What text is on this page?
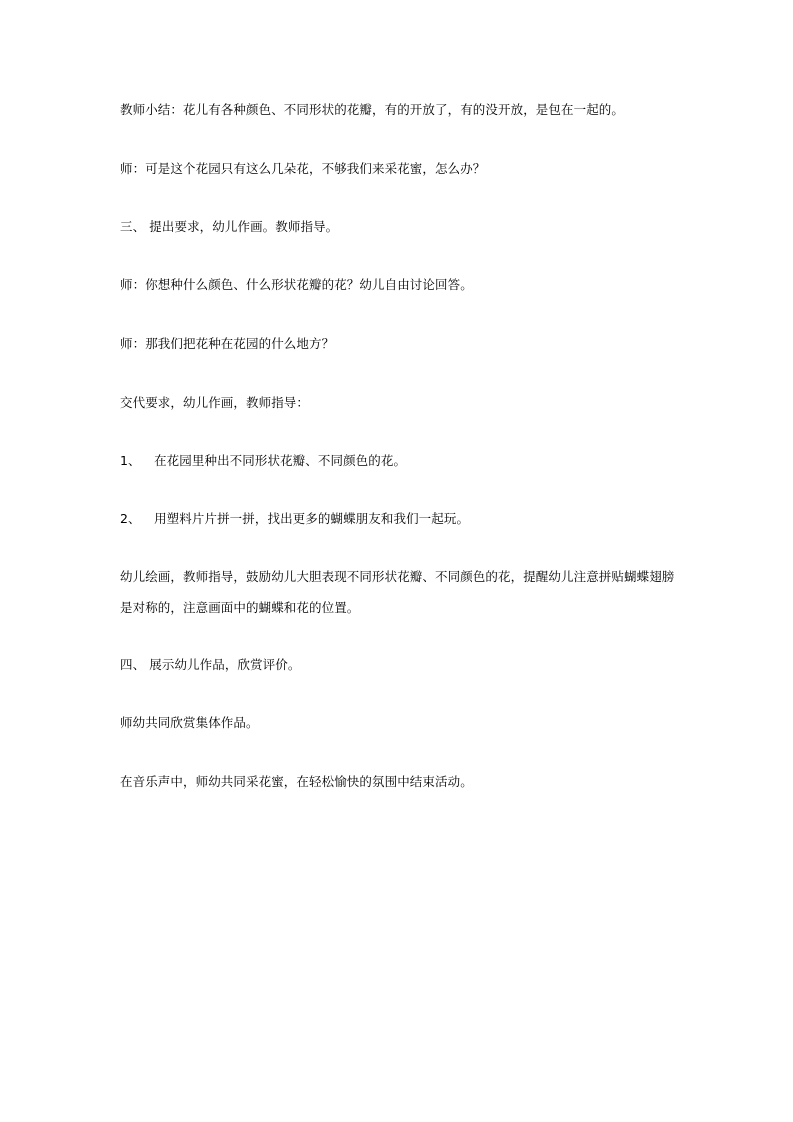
教师小结：花儿有各种颜色、不同形状的花瓣，有的开放了，有的没开放，是包在一起的。
师：可是这个花园只有这么几朵花，不够我们来采花蜜，怎么办？
三、 提出要求，幼儿作画。教师指导。
师：你想种什么颜色、什么形状花瓣的花？幼儿自由讨论回答。
师：那我们把花种在花园的什么地方？
交代要求，幼儿作画，教师指导：
1、 在花园里种出不同形状花瓣、不同颜色的花。
2、 用塑料片片拼一拼，找出更多的蝴蝶朋友和我们一起玩。
幼儿绘画，教师指导，鼓励幼儿大胆表现不同形状花瓣、不同颜色的花，提醒幼儿注意拼贴蝴蝶翅膀是对称的，注意画面中的蝴蝶和花的位置。
四、 展示幼儿作品，欣赏评价。
师幼共同欣赏集体作品。
在音乐声中，师幼共同采花蜜，在轻松愉快的氛围中结束活动。
